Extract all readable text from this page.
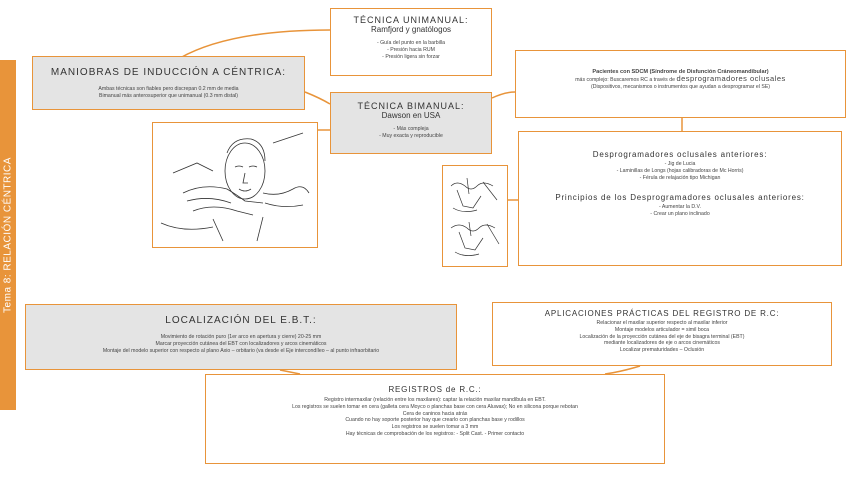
Tema 8: RELACIÓN CÉNTRICA
MANIOBRAS DE INDUCCIÓN A CÉNTRICA:
Ambas técnicas son fiables pero discrepan 0.2 mm de media
Bimanual más anterosuperior que unimanual (0.3 mm distal)
TÉCNICA UNIMANUAL:
Ramfjord y gnatólogos
- Guía del punto en la barbilla
- Presión hacia RUM
- Presión ligera sin forzar
TÉCNICA BIMANUAL:
Dawson en USA
- Más compleja
- Muy exacta y reproducible
Pacientes con SDCM (Síndrome de Disfunción Cráneomandibular)
más complejo: Buscaremos RC a través de desprogramadores oclusales
(Dispositivos, mecanismos o instrumentos que ayudan a desprogramar el SE)
Desprogramadores oclusales anteriores:
- Jig de Lucia
- Laminillas de Longs (hojas calibradoras de Mc Horris)
- Férula de relajación tipo Michigan
Principios de los Desprogramadores oclusales anteriores:
- Aumentar la D.V.
- Crear un plano inclinado
LOCALIZACIÓN DEL E.B.T.:
Movimiento de rotación puro (1er arco en apertura y cierre) 20-25 mm
Marcar proyección cutánea del EBT con localizadores y arcos cinemáticos
Montaje del modelo superior con respecto al plano Axio – orbitario (va desde el Eje intercondíleo – al punto infraorbitario
APLICACIONES PRÁCTICAS DEL REGISTRO DE R.C:
Relacionar el maxilar superior respecto al maxilar inferior
Montaje modelos articulador = simil boca
Localización de la proyección cutánea del eje de bisagra terminal (EBT)
mediante localizadores de eje o arcos cinemáticos
Localizar prematuridades – Oclusión
REGISTROS de R.C.:
Registro intermaxilar (relación entre los maxilares): captar la relación maxilar mandíbula en EBT.
Los registros se suelen tomar en cera (galleta cera Moyco o planchas base con cera Aluwax); No en silicona porque rebotan
Cera de caninos hacia atrás
Cuando no hay soporte posterior hay que crearlo con planchas base y rodillos
Los registros se suelen tomar a 3 mm
Hay técnicas de comprobación de los registros: - Split Cast. - Primer contacto
